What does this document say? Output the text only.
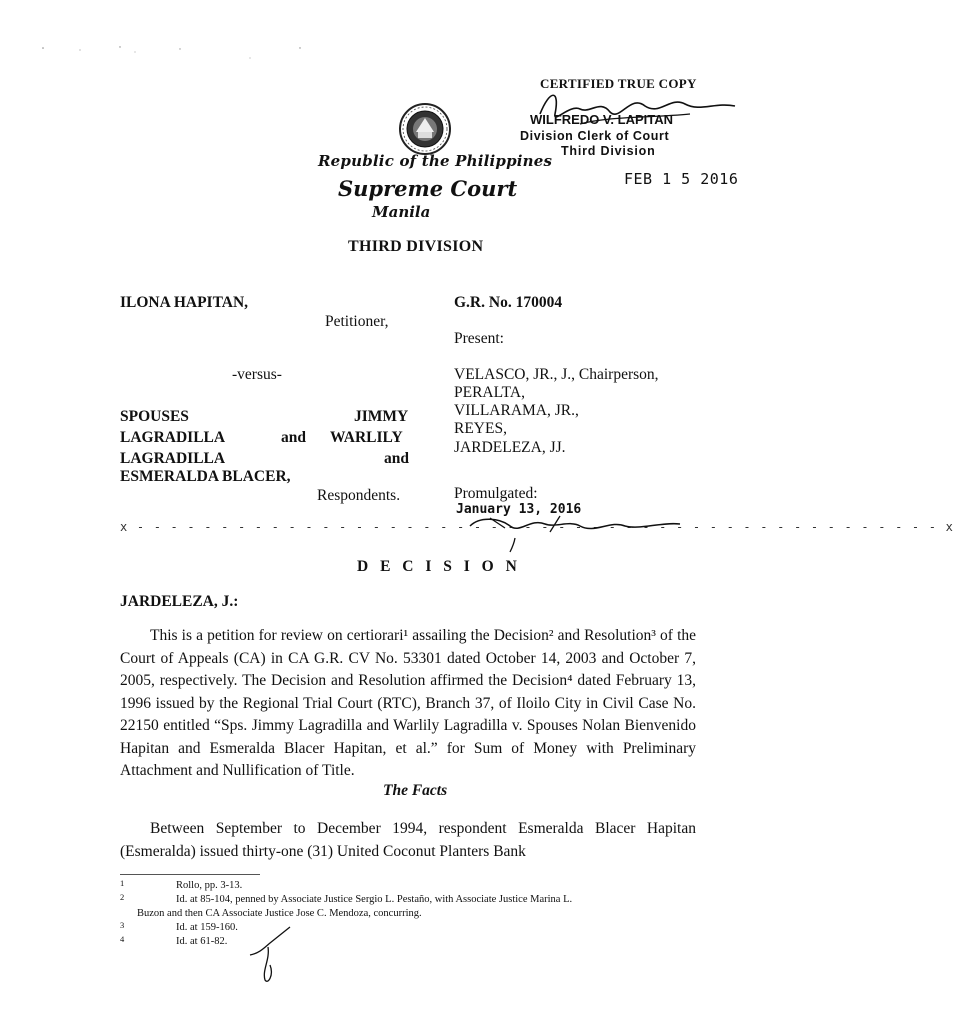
Republic of the Philippines
Supreme Court
Manila
THIRD DIVISION
CERTIFIED TRUE COPY
WILFREDO V. LAPITAN
Division Clerk of Court
Third Division
FEB 1 5 2016
ILONA HAPITAN,
Petitioner,
-versus-
SPOUSES	JIMMY
LAGRADILLA	and WARLILY
LAGRADILLA	and
ESMERALDA BLACER,
Respondents.
G.R. No. 170004
Present:
VELASCO, JR., J., Chairperson,
PERALTA,
VILLARAMA, JR.,
REYES,
JARDELEZA, JJ.
Promulgated:
January 13, 2016
x - - - - - - - - - - - - - - - - - - - - - - - - - - - - - - - - - - - - - - - - - - - - - - - - x
D E C I S I O N
JARDELEZA, J.:

This is a petition for review on certiorari¹ assailing the Decision² and Resolution³ of the Court of Appeals (CA) in CA G.R. CV No. 53301 dated October 14, 2003 and October 7, 2005, respectively. The Decision and Resolution affirmed the Decision⁴ dated February 13, 1996 issued by the Regional Trial Court (RTC), Branch 37, of Iloilo City in Civil Case No. 22150 entitled “Sps. Jimmy Lagradilla and Warlily Lagradilla v. Spouses Nolan Bienvenido Hapitan and Esmeralda Blacer Hapitan, et al.” for Sum of Money with Preliminary Attachment and Nullification of Title.

The Facts

Between September to December 1994, respondent Esmeralda Blacer Hapitan (Esmeralda) issued thirty-one (31) United Coconut Planters Bank

1	Rollo, pp. 3-13.
2	Id. at 85-104, penned by Associate Justice Sergio L. Pestaño, with Associate Justice Marina L.
Buzon and then CA Associate Justice Jose C. Mendoza, concurring.
3	Id. at 159-160.
4	Id. at 61-82.
